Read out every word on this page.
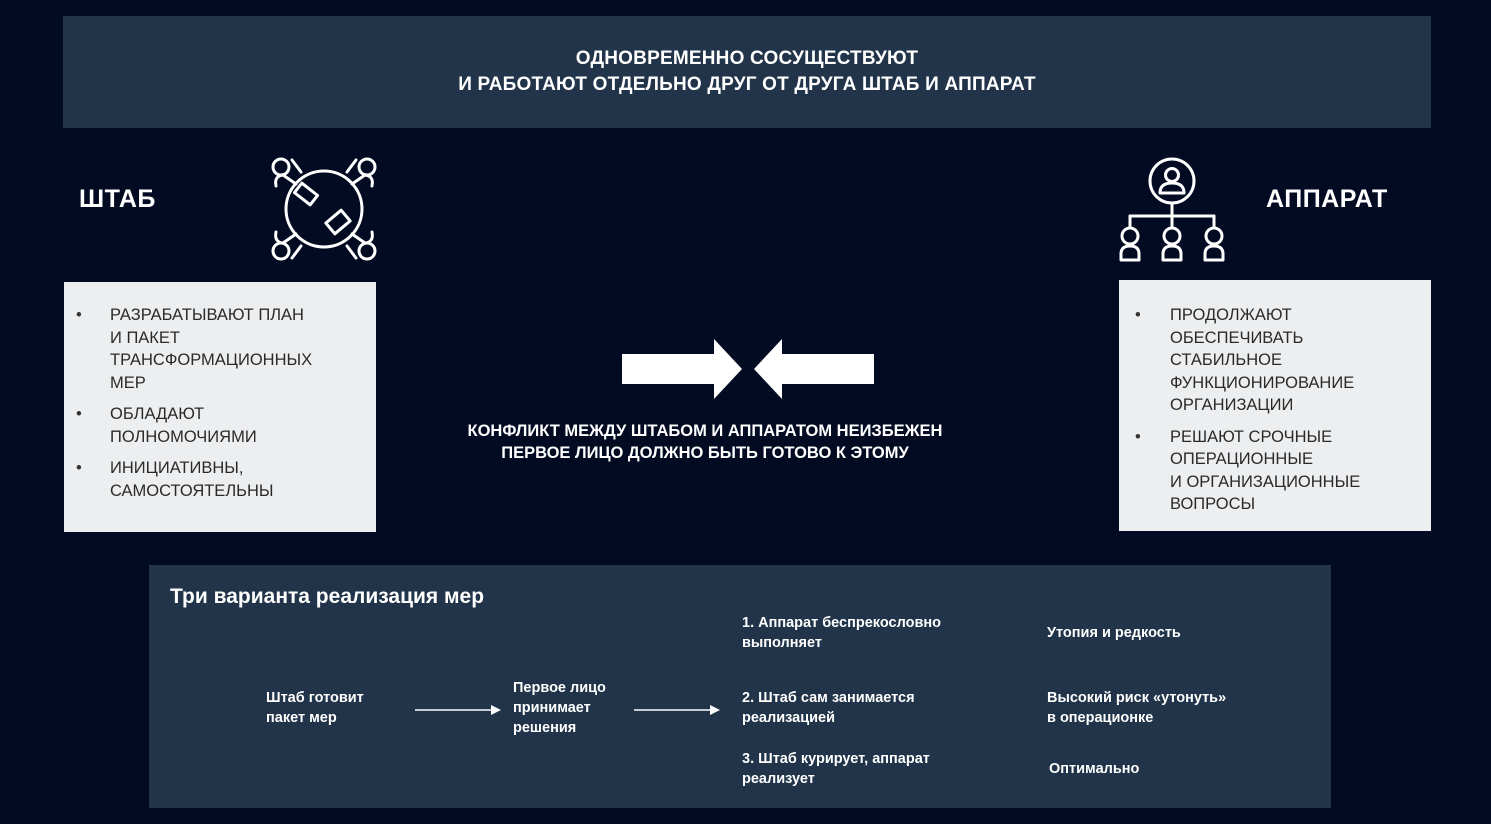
ОДНОВРЕМЕННО СОСУЩЕСТВУЮТ
И РАБОТАЮТ ОТДЕЛЬНО ДРУГ ОТ ДРУГА ШТАБ И АППАРАТ
ШТАБ
• РАЗРАБАТЫВАЮТ ПЛАН
И ПАКЕТ
ТРАНСФОРМАЦИОННЫХ
МЕР
• ОБЛАДАЮТ
ПОЛНОМОЧИЯМИ
• ИНИЦИАТИВНЫ,
САМОСТОЯТЕЛЬНЫ
АППАРАТ
• ПРОДОЛЖАЮТ
ОБЕСПЕЧИВАТЬ
СТАБИЛЬНОЕ
ФУНКЦИОНИРОВАНИЕ
ОРГАНИЗАЦИИ
• РЕШАЮТ СРОЧНЫЕ
ОПЕРАЦИОННЫЕ
И ОРГАНИЗАЦИОННЫЕ
ВОПРОСЫ
КОНФЛИКТ МЕЖДУ ШТАБОМ И АППАРАТОМ НЕИЗБЕЖЕН
ПЕРВОЕ ЛИЦО ДОЛЖНО БЫТЬ ГОТОВО К ЭТОМУ
Три варианта реализация мер
Штаб готовит
пакет мер
Первое лицо
принимает
решения
1. Аппарат беспрекословно
выполняет
2. Штаб сам занимается
реализацией
3. Штаб курирует, аппарат
реализует
Утопия и редкость
Высокий риск «утонуть»
в операционке
Оптимально
